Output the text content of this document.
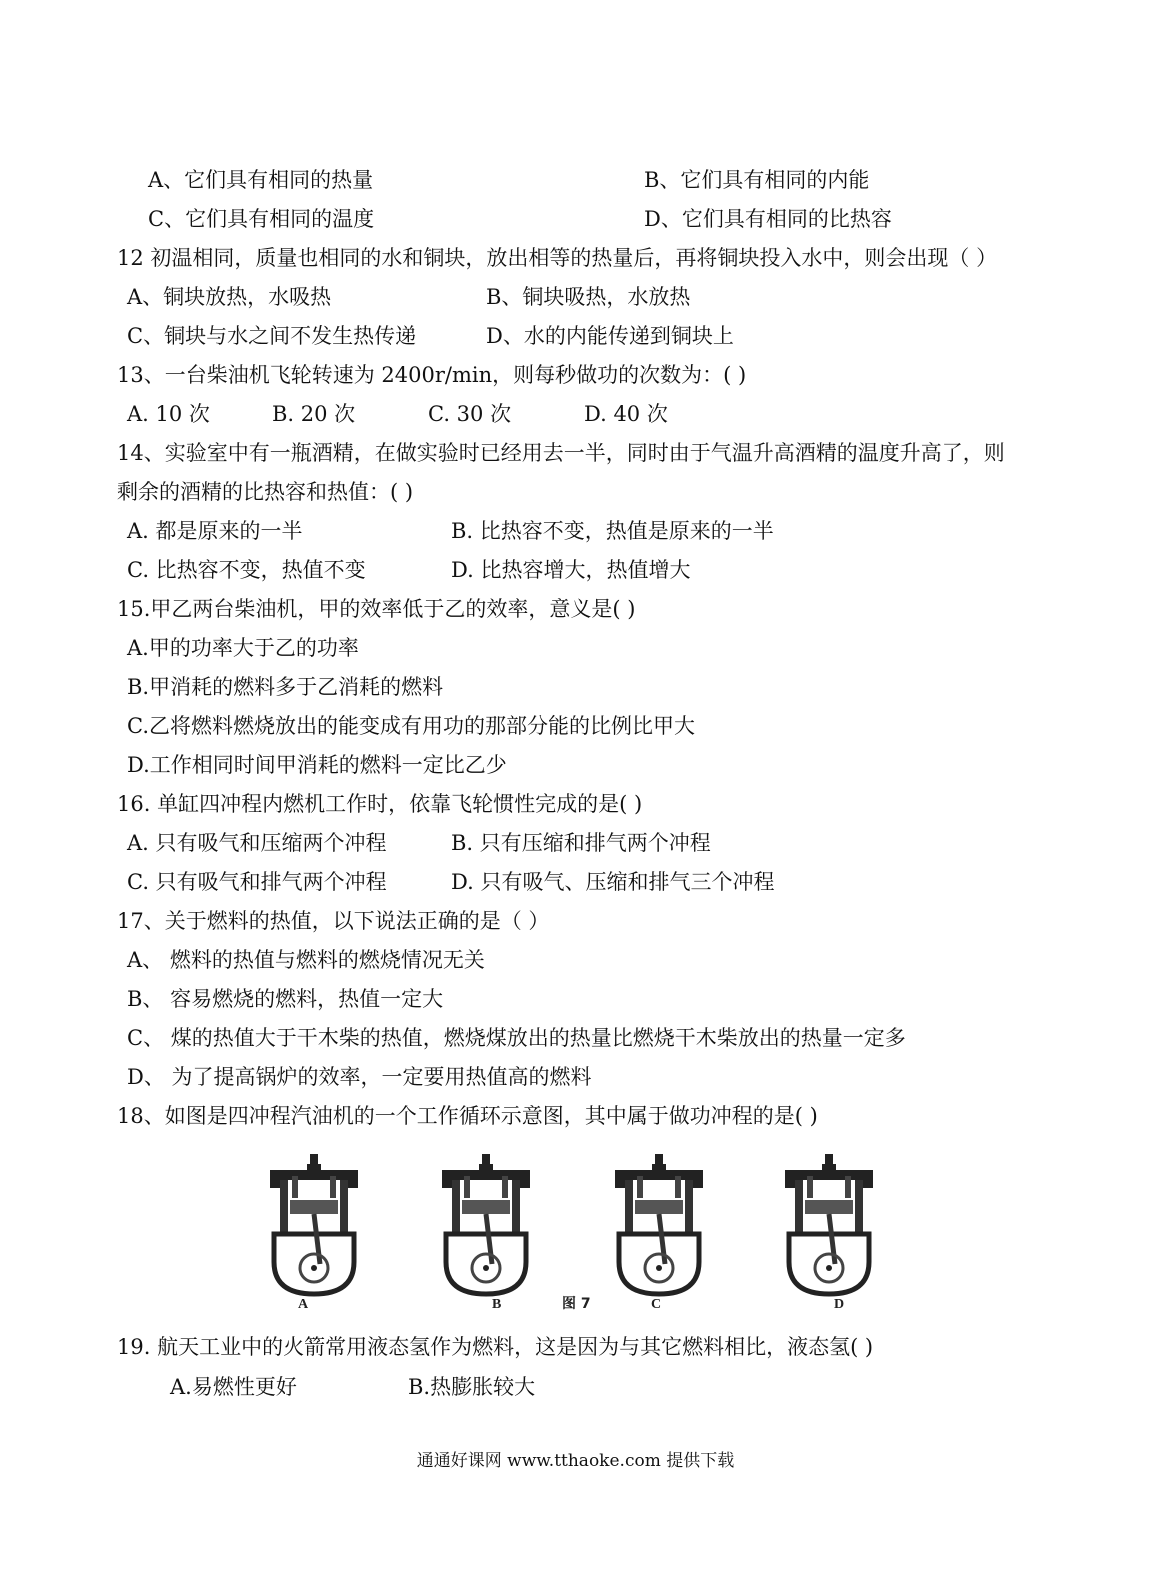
A、它们具有相同的热量	B、它们具有相同的内能
C、它们具有相同的温度	D、它们具有相同的比热容
12 初温相同，质量也相同的水和铜块，放出相等的热量后，再将铜块投入水中，则会出现（ ）
A、铜块放热，水吸热	B、铜块吸热，水放热
C、铜块与水之间不发生热传递	D、水的内能传递到铜块上
13、一台柴油机飞轮转速为 2400r/min，则每秒做功的次数为：( )
A. 10 次	B. 20 次	C. 30 次	D. 40 次
14、实验室中有一瓶酒精，在做实验时已经用去一半，同时由于气温升高酒精的温度升高了，则
剩余的酒精的比热容和热值：( )
A. 都是原来的一半	B. 比热容不变，热值是原来的一半
C. 比热容不变，热值不变	D. 比热容增大，热值增大
15.甲乙两台柴油机，甲的效率低于乙的效率，意义是( )
A.甲的功率大于乙的功率
B.甲消耗的燃料多于乙消耗的燃料
C.乙将燃料燃烧放出的能变成有用功的那部分能的比例比甲大
D.工作相同时间甲消耗的燃料一定比乙少
16. 单缸四冲程内燃机工作时，依靠飞轮惯性完成的是( )
A. 只有吸气和压缩两个冲程	B. 只有压缩和排气两个冲程
C. 只有吸气和排气两个冲程	D. 只有吸气、压缩和排气三个冲程
17、关于燃料的热值，以下说法正确的是（ ）
A、 燃料的热值与燃料的燃烧情况无关
B、 容易燃烧的燃料，热值一定大
C、 煤的热值大于干木柴的热值，燃烧煤放出的热量比燃烧干木柴放出的热量一定多
D、 为了提高锅炉的效率，一定要用热值高的燃料
18、如图是四冲程汽油机的一个工作循环示意图，其中属于做功冲程的是( )
A	B	图 7	C	D
19. 航天工业中的火箭常用液态氢作为燃料，这是因为与其它燃料相比，液态氢( )
A.易燃性更好	B.热膨胀较大
通通好课网 www.tthaoke.com 提供下载
